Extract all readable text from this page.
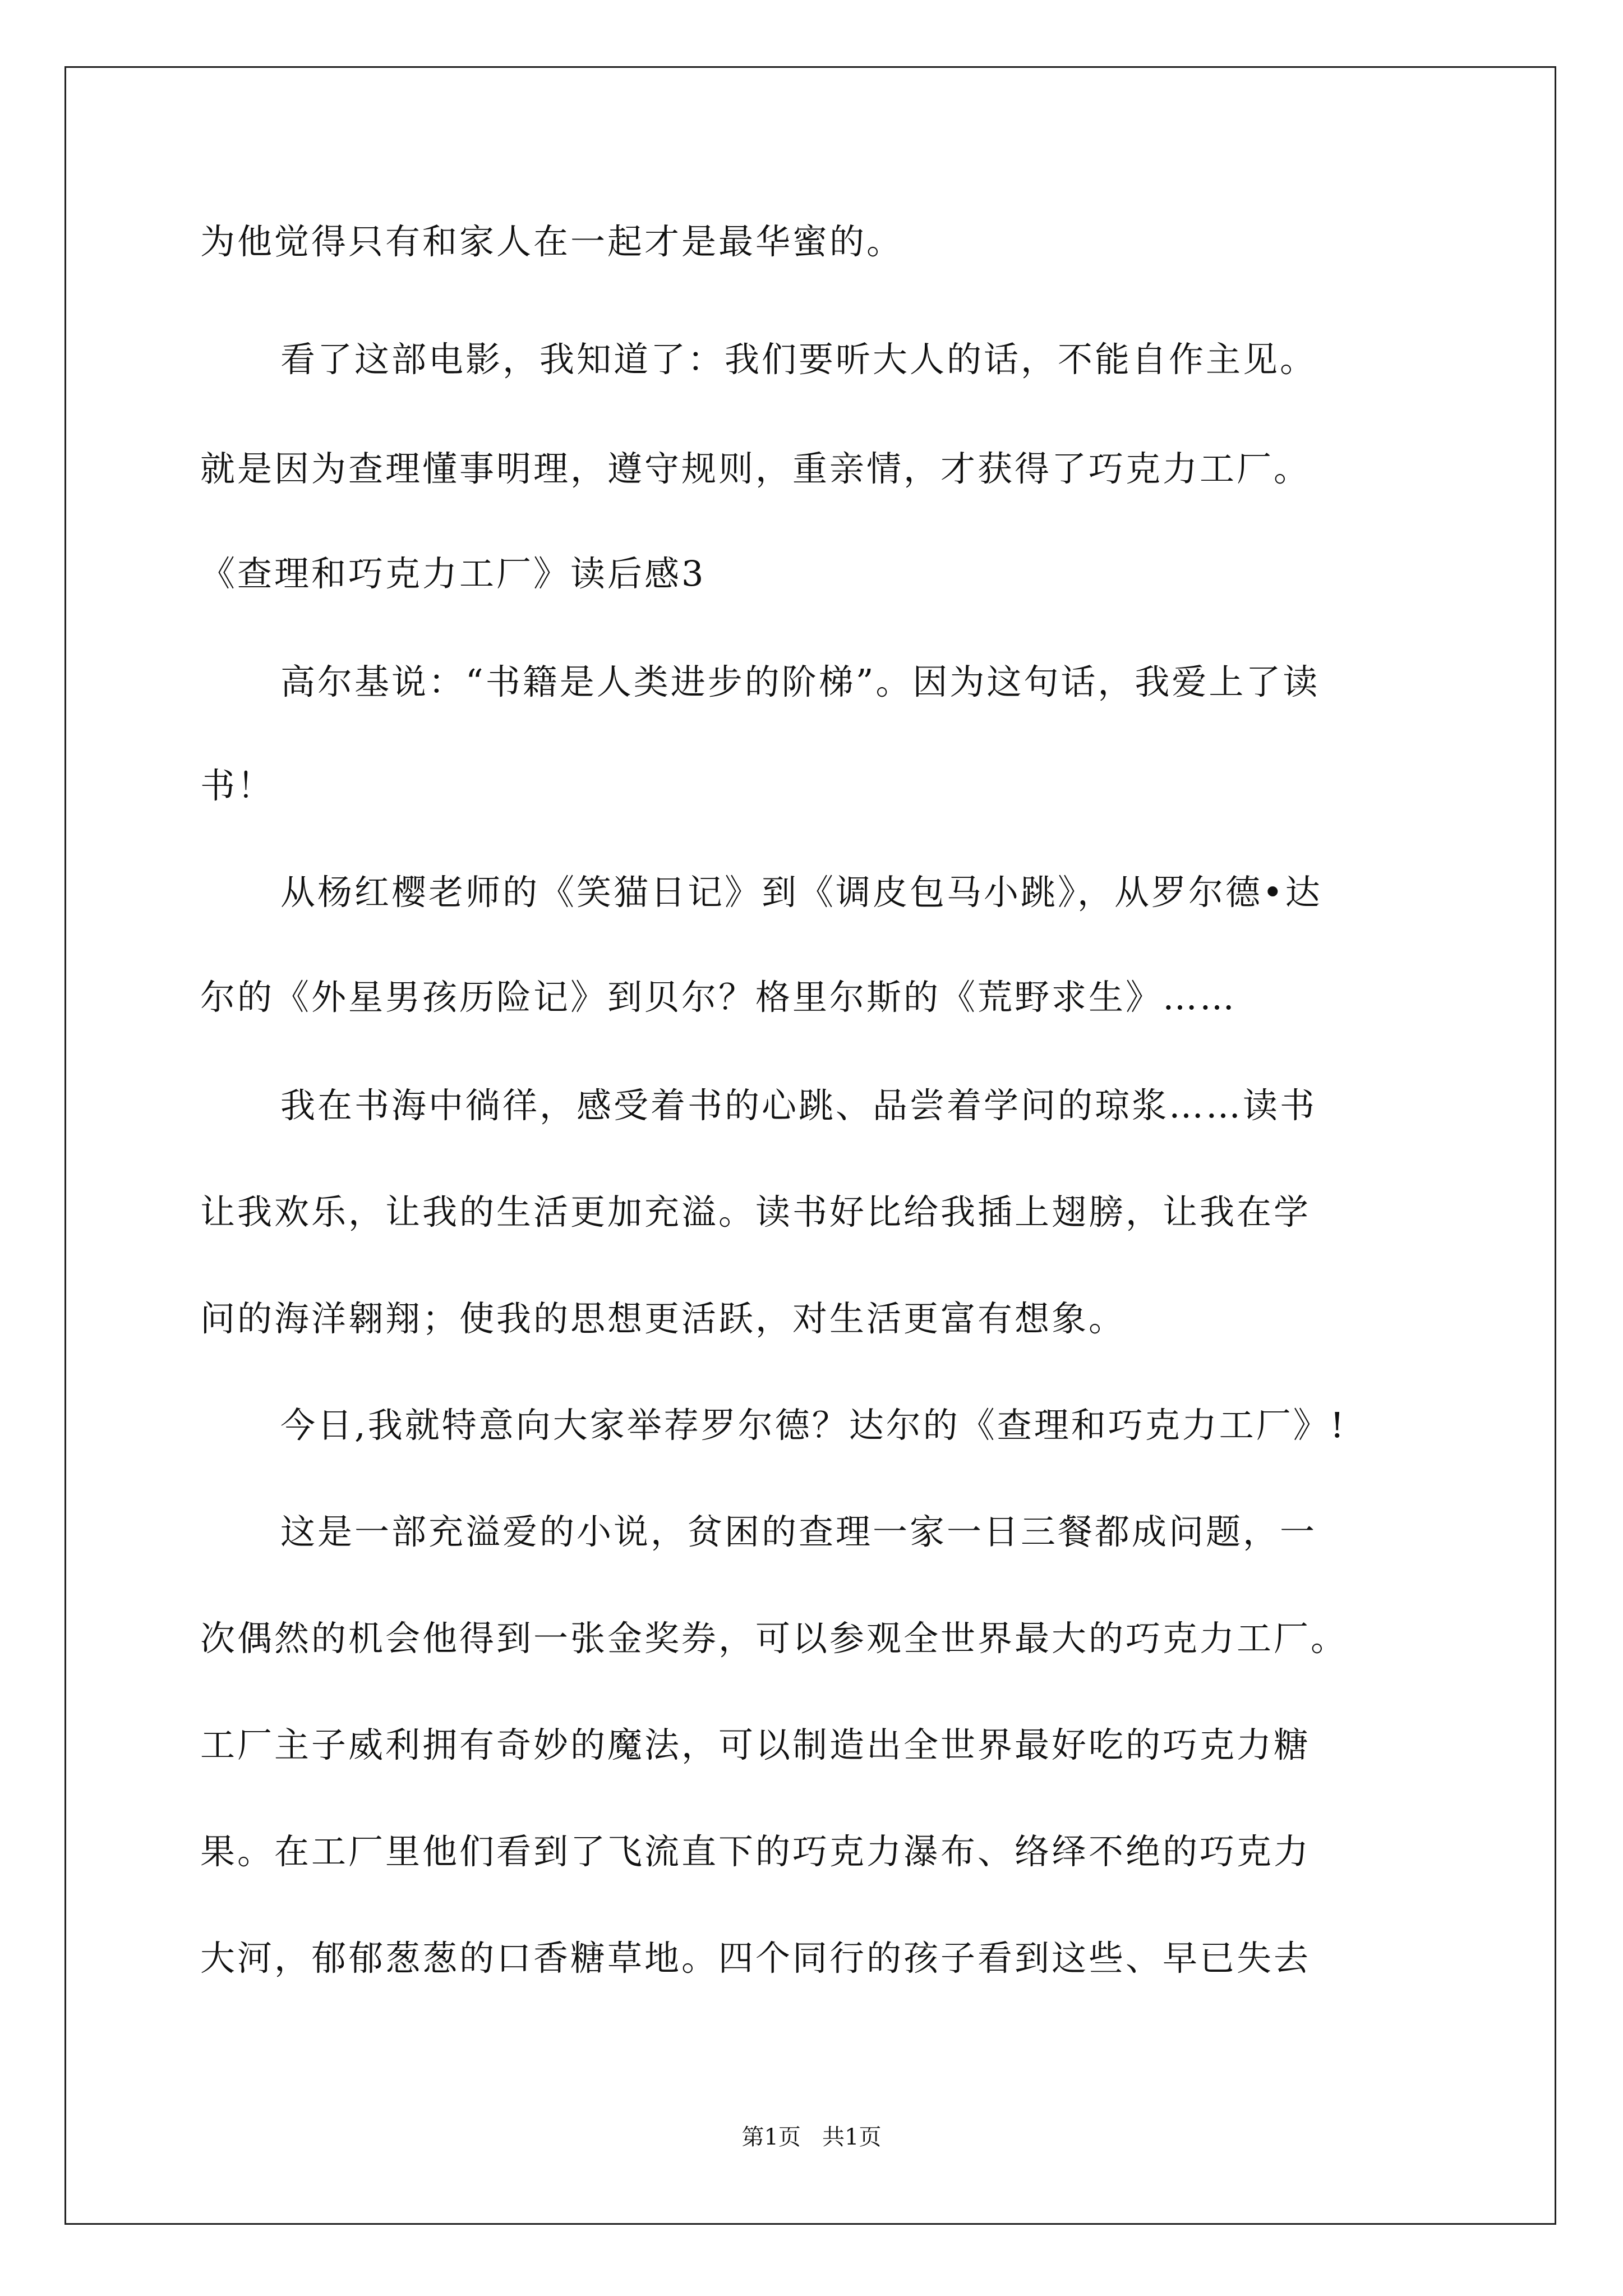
为他觉得只有和家人在一起才是最华蜜的。
看了这部电影，我知道了：我们要听大人的话，不能自作主见。
就是因为查理懂事明理，遵守规则，重亲情，才获得了巧克力工厂。
《查理和巧克力工厂》读后感3
高尔基说：“书籍是人类进步的阶梯”。因为这句话，我爱上了读
书！
从杨红樱老师的《笑猫日记》到《调皮包马小跳》，从罗尔德•达
尔的《外星男孩历险记》到贝尔？格里尔斯的《荒野求生》……
我在书海中徜徉，感受着书的心跳、品尝着学问的琼浆……读书
让我欢乐，让我的生活更加充溢。读书好比给我插上翅膀，让我在学
问的海洋翱翔；使我的思想更活跃，对生活更富有想象。
今日,我就特意向大家举荐罗尔德？达尔的《查理和巧克力工厂》!
这是一部充溢爱的小说，贫困的查理一家一日三餐都成问题，一
次偶然的机会他得到一张金奖券，可以参观全世界最大的巧克力工厂。
工厂主子威利拥有奇妙的魔法，可以制造出全世界最好吃的巧克力糖
果。在工厂里他们看到了飞流直下的巧克力瀑布、络绎不绝的巧克力
大河，郁郁葱葱的口香糖草地。四个同行的孩子看到这些、早已失去
第1页   共1页
